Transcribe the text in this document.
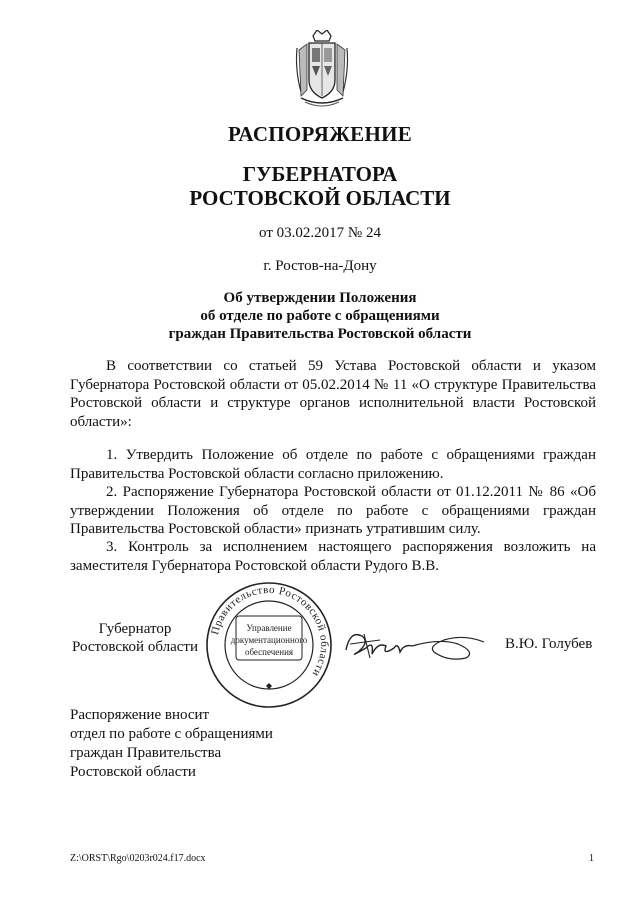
РАСПОРЯЖЕНИЕ
ГУБЕРНАТОРА
РОСТОВСКОЙ ОБЛАСТИ
от 03.02.2017 № 24
г. Ростов-на-Дону
Об утверждении Положения
об отделе по работе с обращениями
граждан Правительства Ростовской области
В соответствии со статьей 59 Устава Ростовской области и указом Губернатора Ростовской области от 05.02.2014 № 11 «О структуре Правительства Ростовской области и структуре органов исполнительной власти Ростовской области»:
1. Утвердить Положение об отделе по работе с обращениями граждан Правительства Ростовской области согласно приложению.
2. Распоряжение Губернатора Ростовской области от 01.12.2011 № 86 «Об утверждении Положения об отделе по работе с обращениями граждан Правительства Ростовской области» признать утратившим силу.
3. Контроль за исполнением настоящего распоряжения возложить на заместителя Губернатора Ростовской области Рудого В.В.
Губернатор
Ростовской области
Правительство Ростовской области
Управление
документационного
обеспечения	В.Ю. Голубев
Распоряжение вносит
отдел по работе с обращениями
граждан Правительства
Ростовской области
Z:\ORST\Rgo\0203r024.f17.docx	1
